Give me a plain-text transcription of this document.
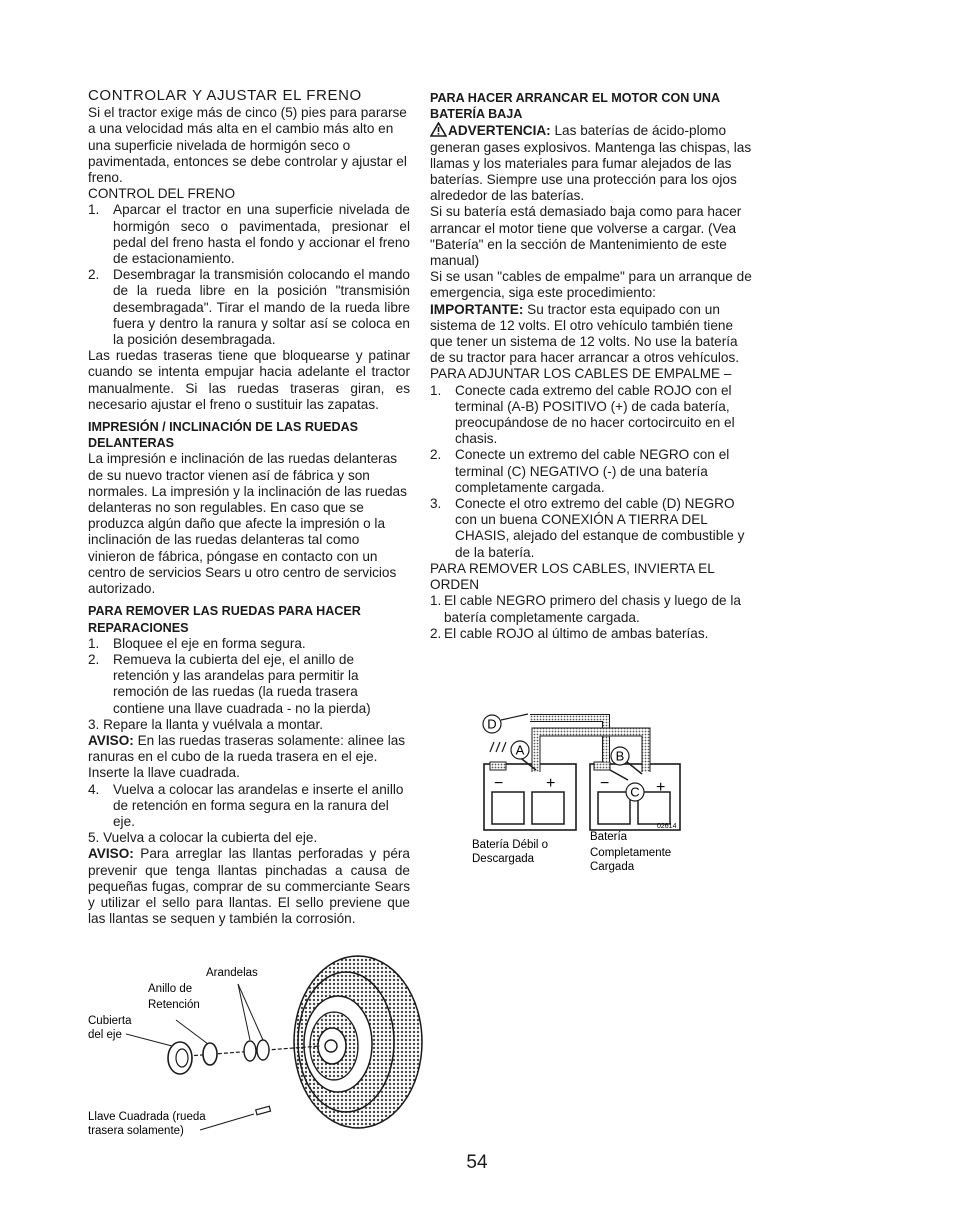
CONTROLAR Y AJUSTAR EL FRENO

Si el tractor exige más de cinco (5) pies para pararse a una velocidad más alta en el cambio más alto en una superficie nivelada de hormigón seco o pavimentada, entonces se debe controlar y ajustar el freno.

CONTROL DEL FRENO

1.	Aparcar el tractor en una superficie nivelada de hormigón seco o pavimentada, presionar el pedal del freno hasta el fondo y accionar el freno de estacionamiento.
2.	Desembragar la transmisión colocando el mando de la rueda libre en la posición "transmisión desembragada". Tirar el mando de la rueda libre fuera y dentro la ranura y soltar así se coloca en la posición desembragada.

Las ruedas traseras tiene que bloquearse y patinar cuando se intenta empujar hacia adelante el tractor manualmente. Si las ruedas traseras giran, es necesario ajustar el freno o sustituir las zapatas.

IMPRESIÓN / INCLINACIÓN DE LAS RUEDAS DELANTERAS

La impresión e inclinación de las ruedas delanteras de su nuevo tractor vienen así de fábrica y son normales. La impresión y la inclinación de las ruedas delanteras no son regulables. En caso que se produzca algún daño que afecte la impresión o la inclinación de las ruedas delanteras tal como vinieron de fábrica, póngase en contacto con un centro de servicios Sears u otro centro de servicios autorizado.

PARA REMOVER LAS RUEDAS PARA HACER REPARACIONES

1.	Bloquee el eje en forma segura.
2.	Remueva la cubierta del eje, el anillo de retención y las arandelas para permitir la remoción de las ruedas (la rueda trasera contiene una llave cuadrada - no la pierda)

3. Repare la llanta y vuélvala a montar.

AVISO: En las ruedas traseras solamente: alinee las ranuras en el cubo de la rueda trasera en el eje. Inserte la llave cuadrada.

4.	Vuelva a colocar las arandelas e inserte el anillo de retención en forma segura en la ranura del eje.

5. Vuelva a colocar la cubierta del eje.

AVISO: Para arreglar las llantas perforadas y péra prevenir que tenga llantas pinchadas a causa de pequeñas fugas, comprar de su commerciante Sears y utilizar el sello para llantas. El sello previene que las llantas se sequen y también la corrosión.

PARA HACER ARRANCAR EL MOTOR CON UNA BATERÍA BAJA

ADVERTENCIA: Las baterías de ácido-plomo generan gases explosivos. Mantenga las chispas, las llamas y los materiales para fumar alejados de las baterías. Siempre use una protección para los ojos alrededor de las baterías.

Si su batería está demasiado baja como para hacer arrancar el motor tiene que volverse a cargar. (Vea "Batería" en la sección de Mantenimiento de este manual)

Si se usan "cables de empalme" para un arranque de emergencia, siga este procedimiento:

IMPORTANTE: Su tractor esta equipado con un sistema de 12 volts. El otro vehículo también tiene que tener un sistema de 12 volts. No use la batería de su tractor para hacer arrancar a otros vehículos.

PARA ADJUNTAR LOS CABLES DE EMPALME –

1.	Conecte cada extremo del cable ROJO con el terminal (A-B) POSITIVO (+) de cada batería, preocupándose de no hacer cortocircuito en el chasis.
2.	Conecte un extremo del cable NEGRO con el terminal (C) NEGATIVO (-) de una batería completamente cargada.
3.	Conecte el otro extremo del cable (D) NEGRO con un buena CONEXIÓN A TIERRA DEL CHASIS, alejado del estanque de combustible y de la batería.

PARA REMOVER LOS CABLES, INVIERTA EL ORDEN

1. El cable NEGRO primero del chasis y luego de la batería completamente cargada.
2. El cable ROJO al último de ambas baterías.
D
A	B
C
−	+	−	+
02614
Batería Débil o Descargada
Batería Completamente Cargada
Arandelas
Anillo de Retención
Cubierta del eje
Llave Cuadrada (rueda trasera solamente)
54
